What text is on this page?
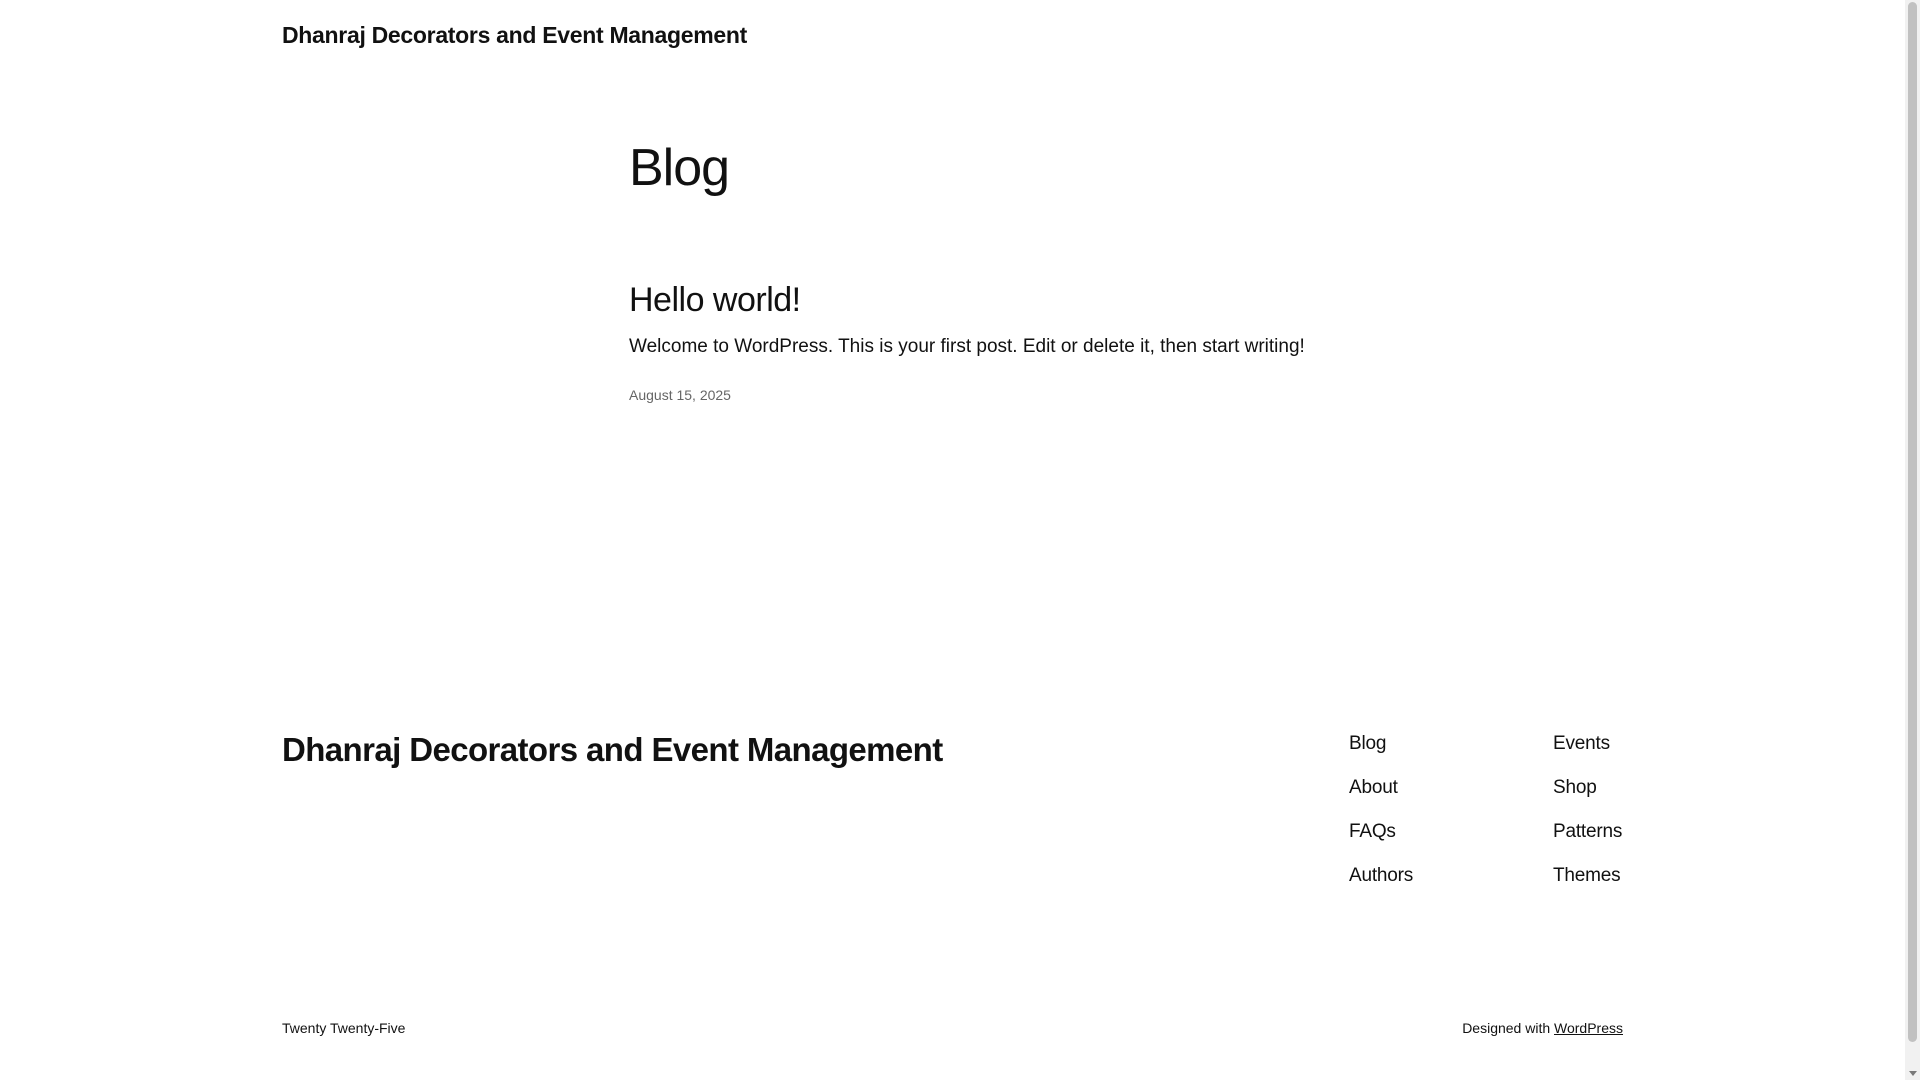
Dhanraj Decorators and Event Management
Blog
Hello world!

Welcome to WordPress. This is your first post. Edit or delete it, then start writing!

August 15, 2025
Dhanraj Decorators and Event Management	Blog
About
FAQs
Authors
Events
Shop
Patterns
Themes
Twenty Twenty-Five	Designed with WordPress
